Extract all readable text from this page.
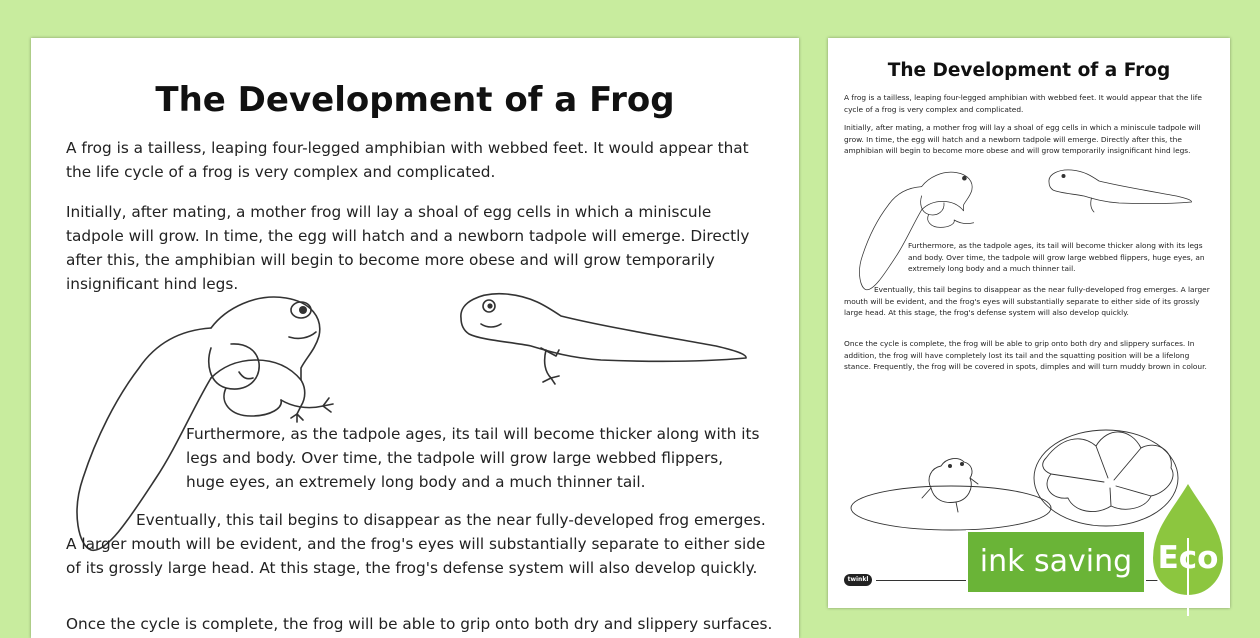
The Development of a Frog

A frog is a tailless, leaping four-legged amphibian with webbed feet. It would appear that the life cycle of a frog is very complex and complicated.

Initially, after mating, a mother frog will lay a shoal of egg cells in which a miniscule tadpole will grow. In time, the egg will hatch and a newborn tadpole will emerge. Directly after this, the amphibian will begin to become more obese and will grow temporarily insignificant hind legs.

Furthermore, as the tadpole ages, its tail will become thicker along with its legs and body. Over time, the tadpole will grow large webbed flippers, huge eyes, an extremely long body and a much thinner tail.

Eventually, this tail begins to disappear as the near fully-developed frog emerges. A larger mouth will be evident, and the frog's eyes will substantially separate to either side of its grossly large head. At this stage, the frog's defense system will also develop quickly.

Once the cycle is complete, the frog will be able to grip onto both dry and slippery surfaces.

The Development of a Frog

A frog is a tailless, leaping four-legged amphibian with webbed feet. It would appear that the life cycle of a frog is very complex and complicated.

Initially, after mating, a mother frog will lay a shoal of egg cells in which a miniscule tadpole will grow. In time, the egg will hatch and a newborn tadpole will emerge. Directly after this, the amphibian will begin to become more obese and will grow temporarily insignificant hind legs.

Furthermore, as the tadpole ages, its tail will become thicker along with its legs and body. Over time, the tadpole will grow large webbed flippers, huge eyes, an extremely long body and a much thinner tail.

Eventually, this tail begins to disappear as the near fully-developed frog emerges. A larger mouth will be evident, and the frog's eyes will substantially separate to either side of its grossly large head. At this stage, the frog's defense system will also develop quickly.

Once the cycle is complete, the frog will be able to grip onto both dry and slippery surfaces. In addition, the frog will have completely lost its tail and the squatting position will be a lifelong stance. Frequently, the frog will be covered in spots, dimples and will turn muddy brown in colour.

twinkl
ink saving Eco
